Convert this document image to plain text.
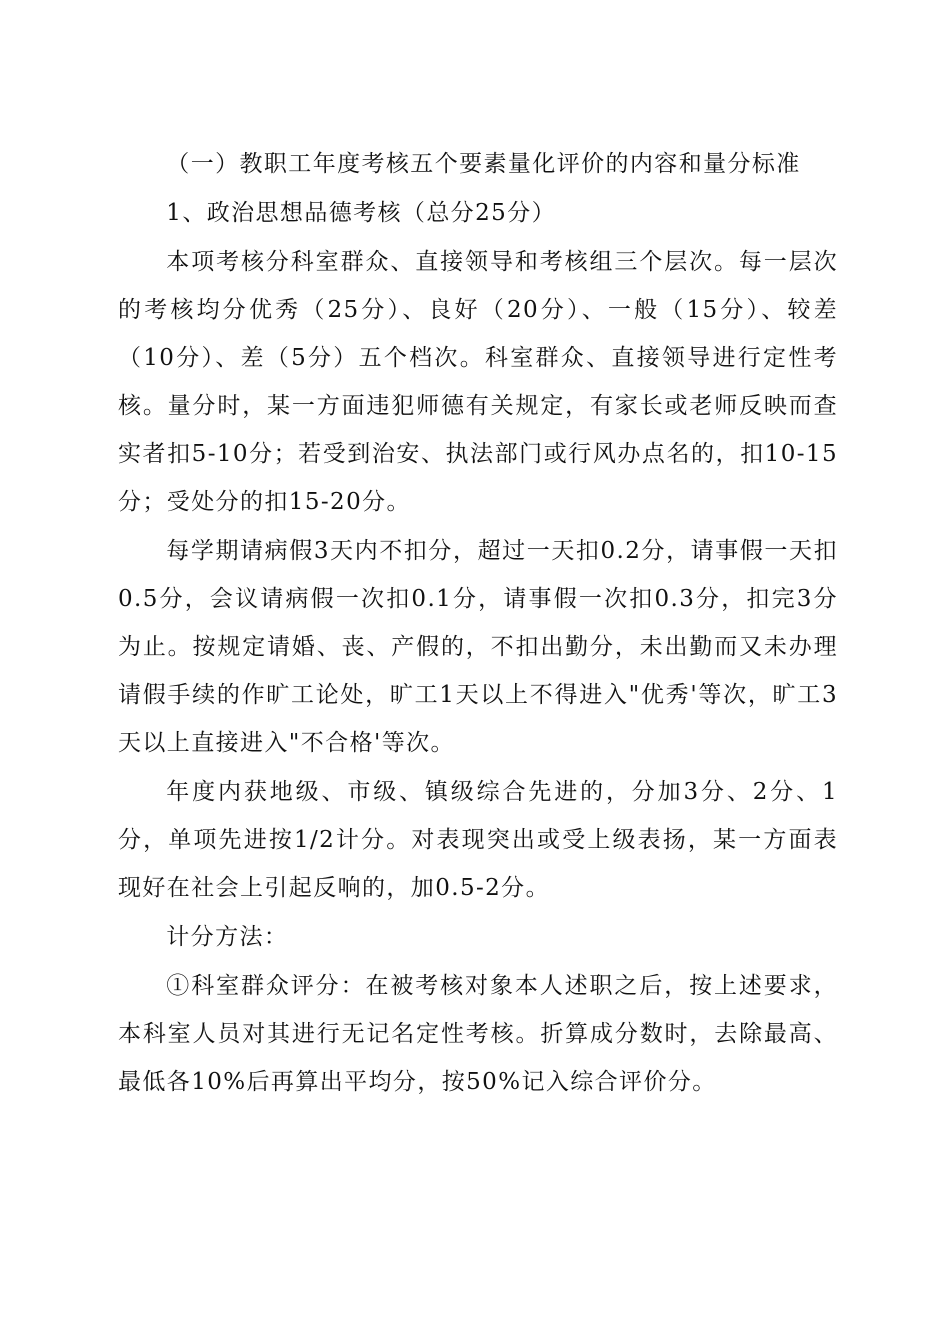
（一）教职工年度考核五个要素量化评价的内容和量分标准

1、政治思想品德考核（总分25分）

本项考核分科室群众、直接领导和考核组三个层次。每一层次的考核均分优秀（25分）、良好（20分）、一般（15分）、较差（10分）、差（5分）五个档次。科室群众、直接领导进行定性考核。量分时，某一方面违犯师德有关规定，有家长或老师反映而查实者扣5-10分；若受到治安、执法部门或行风办点名的，扣10-15分；受处分的扣15-20分。

每学期请病假3天内不扣分，超过一天扣0.2分，请事假一天扣0.5分，会议请病假一次扣0.1分，请事假一次扣0.3分，扣完3分为止。按规定请婚、丧、产假的，不扣出勤分，未出勤而又未办理请假手续的作旷工论处，旷工1天以上不得进入"优秀'等次，旷工3天以上直接进入"不合格'等次。

年度内获地级、市级、镇级综合先进的，分加3分、2分、1分，单项先进按1/2计分。对表现突出或受上级表扬，某一方面表现好在社会上引起反响的，加0.5-2分。

计分方法：

①科室群众评分：在被考核对象本人述职之后，按上述要求，本科室人员对其进行无记名定性考核。折算成分数时，去除最高、最低各10%后再算出平均分，按50%记入综合评价分。
